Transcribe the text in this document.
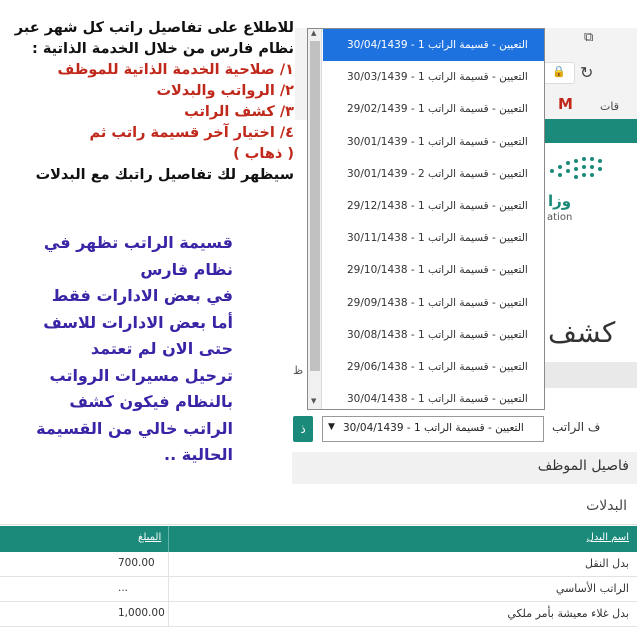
⧉
↻
🔒
M قات
وزا
ation
كشف
ظ
ف الراتب
▼ 30/04/1439 - التعيين - قسيمة الراتب 1
ذ
فاصيل الموظف
البدلات
اسم البدل
المبلغ
بدل النقل
700.00
الراتب الأساسي
...
بدل غلاء معيشة بأمر ملكي
1,000.00
▲
▼
30/04/1439 - التعيين - قسيمة الراتب 1
30/03/1439 - التعيين - قسيمة الراتب 1
29/02/1439 - التعيين - قسيمة الراتب 1
30/01/1439 - التعيين - قسيمة الراتب 1
30/01/1439 - التعيين - قسيمة الراتب 2
29/12/1438 - التعيين - قسيمة الراتب 1
30/11/1438 - التعيين - قسيمة الراتب 1
29/10/1438 - التعيين - قسيمة الراتب 1
29/09/1438 - التعيين - قسيمة الراتب 1
30/08/1438 - التعيين - قسيمة الراتب 1
29/06/1438 - التعيين - قسيمة الراتب 1
30/04/1438 - التعيين - قسيمة الراتب 1
للاطلاع على تفاصيل راتب كل شهر عبر
نظام فارس من خلال الخدمة الذاتية :
١/ صلاحية الخدمة الذاتية للموظف
٢/ الرواتب والبدلات
٣/ كشف الراتب
٤/ اختيار آخر قسيمة راتب ثم
( ذهاب )
سيظهر لك تفاصيل راتبك مع البدلات
قسيمة الراتب تظهر في
نظام فارس
في بعض الادارات فقط
أما بعض الادارات للاسف
حتى الان لم تعتمد
ترحيل مسيرات الرواتب
بالنظام فيكون كشف
الراتب خالي من القسيمة
الحالية ..
